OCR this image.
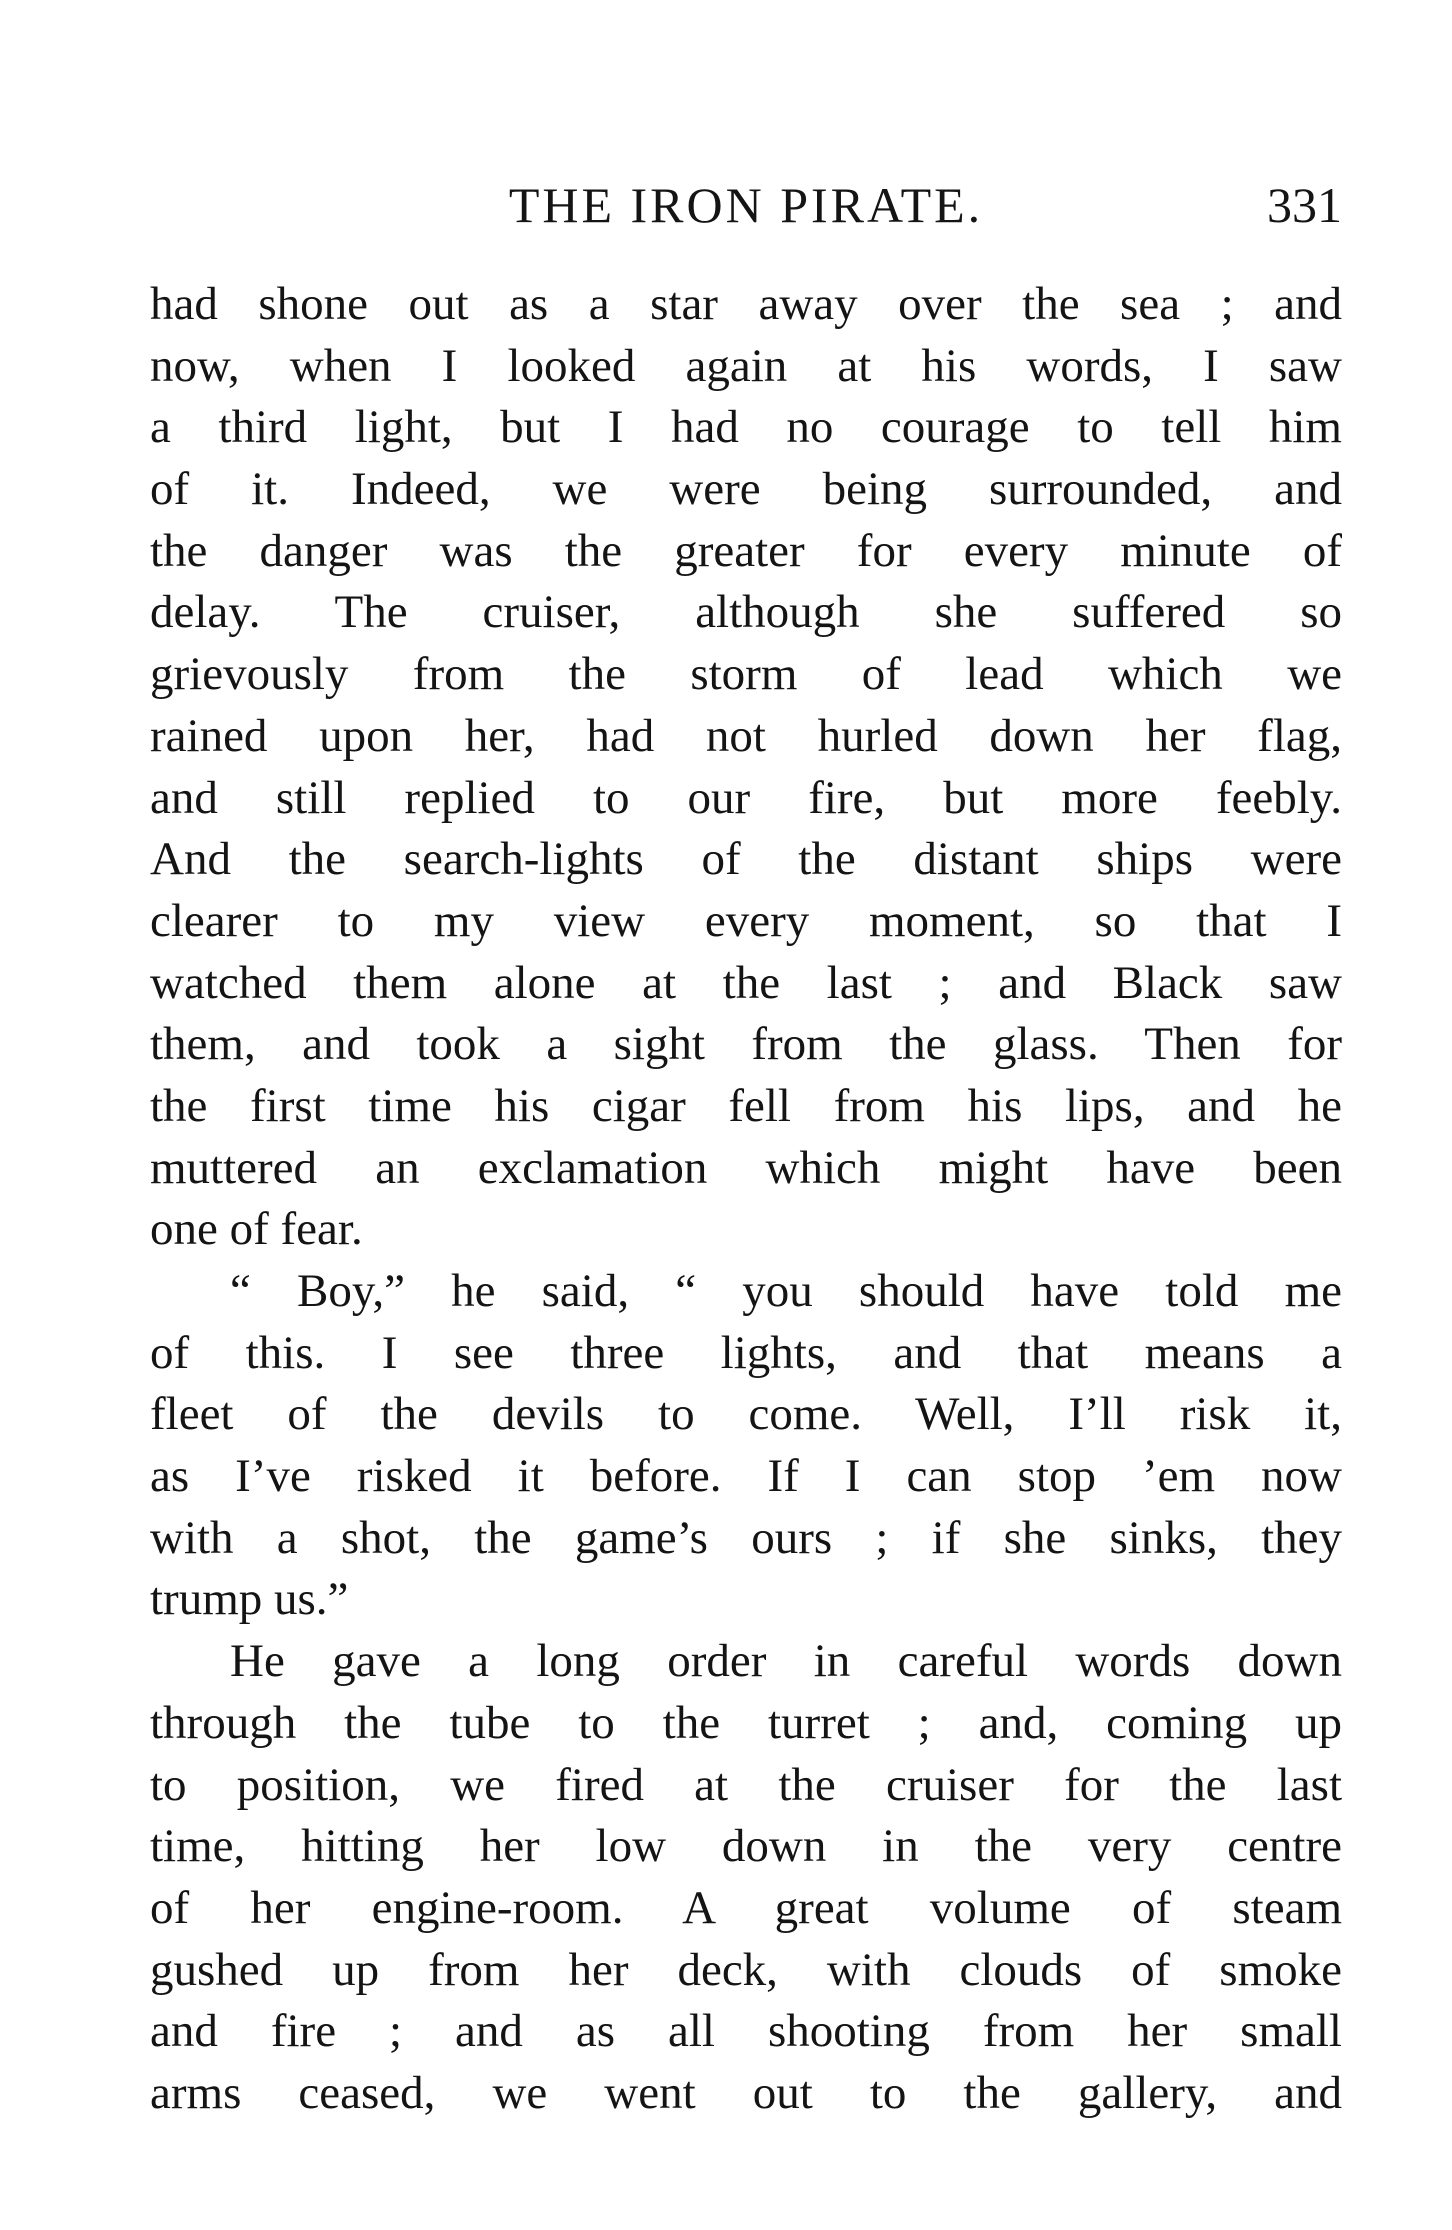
THE IRON PIRATE.	331
had shone out as a star away over the sea ; and
now, when I looked again at his words, I saw
a third light, but I had no courage to tell him
of it. Indeed, we were being surrounded, and
the danger was the greater for every minute of
delay. The cruiser, although she suffered so
grievously from the storm of lead which we
rained upon her, had not hurled down her flag,
and still replied to our fire, but more feebly.
And the search-lights of the distant ships were
clearer to my view every moment, so that I
watched them alone at the last ; and Black saw
them, and took a sight from the glass. Then for
the first time his cigar fell from his lips, and he
muttered an exclamation which might have been
one of fear.
“ Boy,” he said, “ you should have told me
of this. I see three lights, and that means a
fleet of the devils to come. Well, I’ll risk it,
as I’ve risked it before. If I can stop ’em now
with a shot, the game’s ours ; if she sinks, they
trump us.”
He gave a long order in careful words down
through the tube to the turret ; and, coming up
to position, we fired at the cruiser for the last
time, hitting her low down in the very centre
of her engine-room. A great volume of steam
gushed up from her deck, with clouds of smoke
and fire ; and as all shooting from her small
arms ceased, we went out to the gallery, and
